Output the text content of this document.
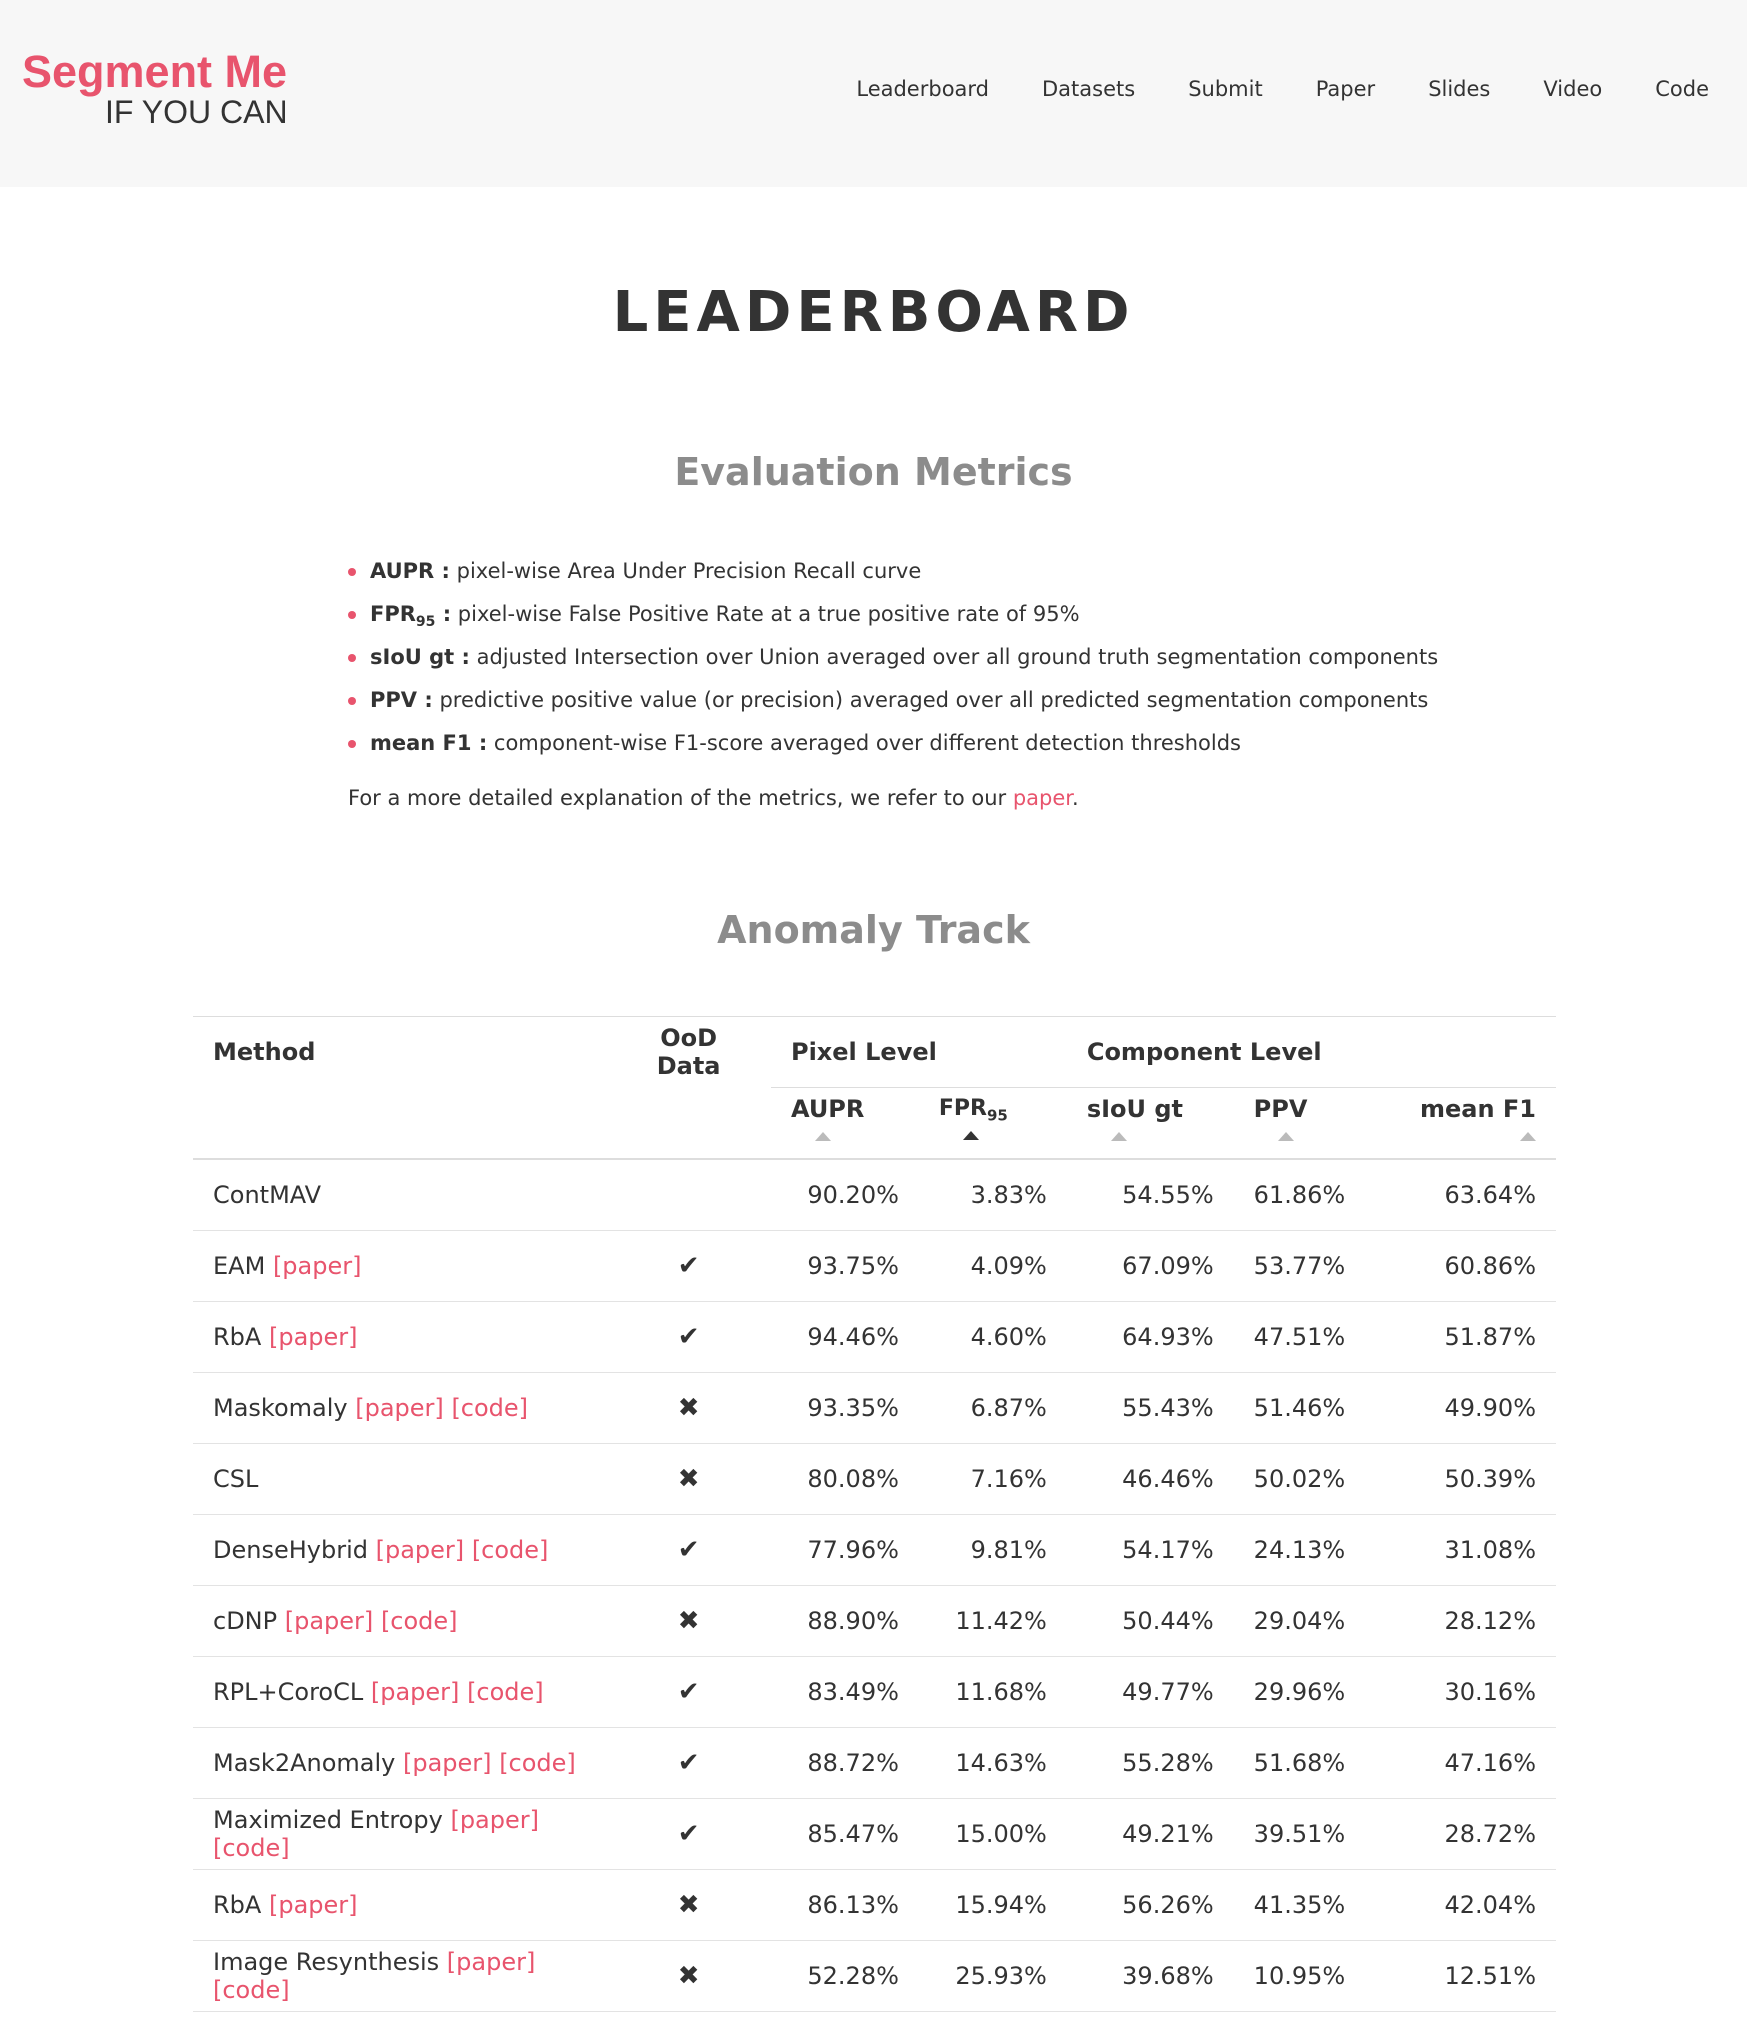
Segment Me
IF YOU CAN
Leaderboard	Datasets	Submit	Paper	Slides	Video	Code
LEADERBOARD
Evaluation Metrics
AUPR : pixel-wise Area Under Precision Recall curve
$FPR_{95}$ : pixel-wise False Positive Rate at a true positive rate of 95%
sIoU gt : adjusted Intersection over Union averaged over all ground truth segmentation components
PPV : predictive positive value (or precision) averaged over all predicted segmentation components
mean F1 : component-wise F1-score averaged over different detection thresholds

For a more detailed explanation of the metrics, we refer to our paper.

Anomaly Track
Method	OoD Data	Pixel Level		Component Level		
		AUPR	$FPR_{95}$	sIoU gt	PPV	mean F1
ContMAV		90.20%	3.83%	54.55%	61.86%	63.64%
EAM [paper]	✔	93.75%	4.09%	67.09%	53.77%	60.86%
RbA [paper]	✔	94.46%	4.60%	64.93%	47.51%	51.87%
Maskomaly [paper] [code]	✖	93.35%	6.87%	55.43%	51.46%	49.90%
CSL	✖	80.08%	7.16%	46.46%	50.02%	50.39%
DenseHybrid [paper] [code]	✔	77.96%	9.81%	54.17%	24.13%	31.08%
cDNP [paper] [code]	✖	88.90%	11.42%	50.44%	29.04%	28.12%
RPL+CoroCL [paper] [code]	✔	83.49%	11.68%	49.77%	29.96%	30.16%
Mask2Anomaly [paper] [code]	✔	88.72%	14.63%	55.28%	51.68%	47.16%
Maximized Entropy [paper] [code]	✔	85.47%	15.00%	49.21%	39.51%	28.72%
RbA [paper]	✖	86.13%	15.94%	56.26%	41.35%	42.04%
Image Resynthesis [paper] [code]	✖	52.28%	25.93%	39.68%	10.95%	12.51%
